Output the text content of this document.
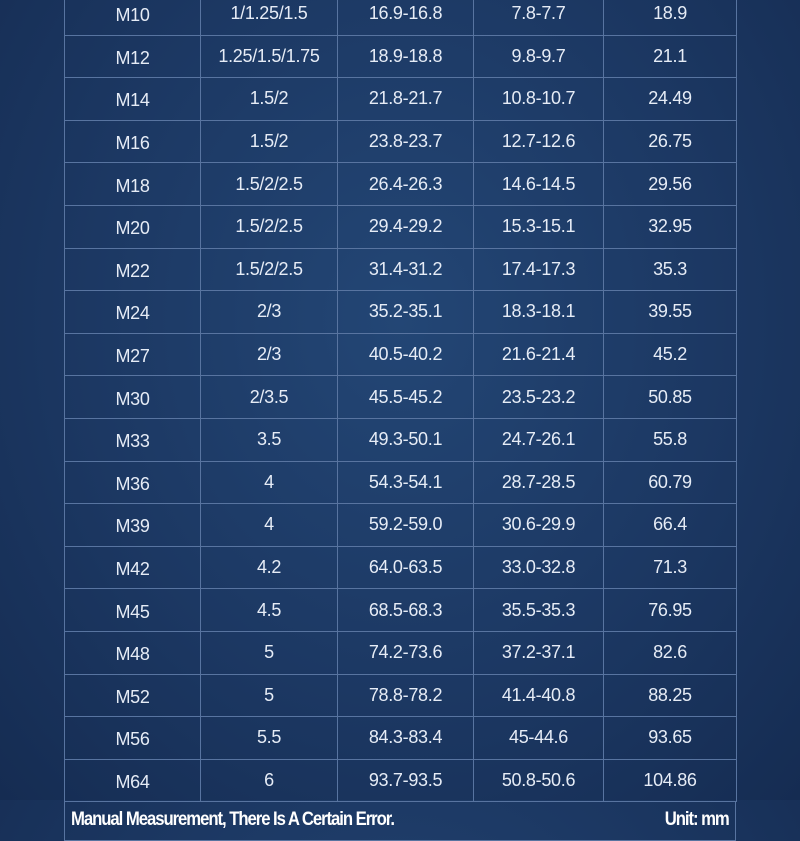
M10	1/1.25/1.5	16.9-16.8	7.8-7.7	18.9
M12	1.25/1.5/1.75	18.9-18.8	9.8-9.7	21.1
M14	1.5/2	21.8-21.7	10.8-10.7	24.49
M16	1.5/2	23.8-23.7	12.7-12.6	26.75
M18	1.5/2/2.5	26.4-26.3	14.6-14.5	29.56
M20	1.5/2/2.5	29.4-29.2	15.3-15.1	32.95
M22	1.5/2/2.5	31.4-31.2	17.4-17.3	35.3
M24	2/3	35.2-35.1	18.3-18.1	39.55
M27	2/3	40.5-40.2	21.6-21.4	45.2
M30	2/3.5	45.5-45.2	23.5-23.2	50.85
M33	3.5	49.3-50.1	24.7-26.1	55.8
M36	4	54.3-54.1	28.7-28.5	60.79
M39	4	59.2-59.0	30.6-29.9	66.4
M42	4.2	64.0-63.5	33.0-32.8	71.3
M45	4.5	68.5-68.3	35.5-35.3	76.95
M48	5	74.2-73.6	37.2-37.1	82.6
M52	5	78.8-78.2	41.4-40.8	88.25
M56	5.5	84.3-83.4	45-44.6	93.65
M64	6	93.7-93.5	50.8-50.6	104.86
Manual Measurement, There Is A Certain Error.	Unit: mm
